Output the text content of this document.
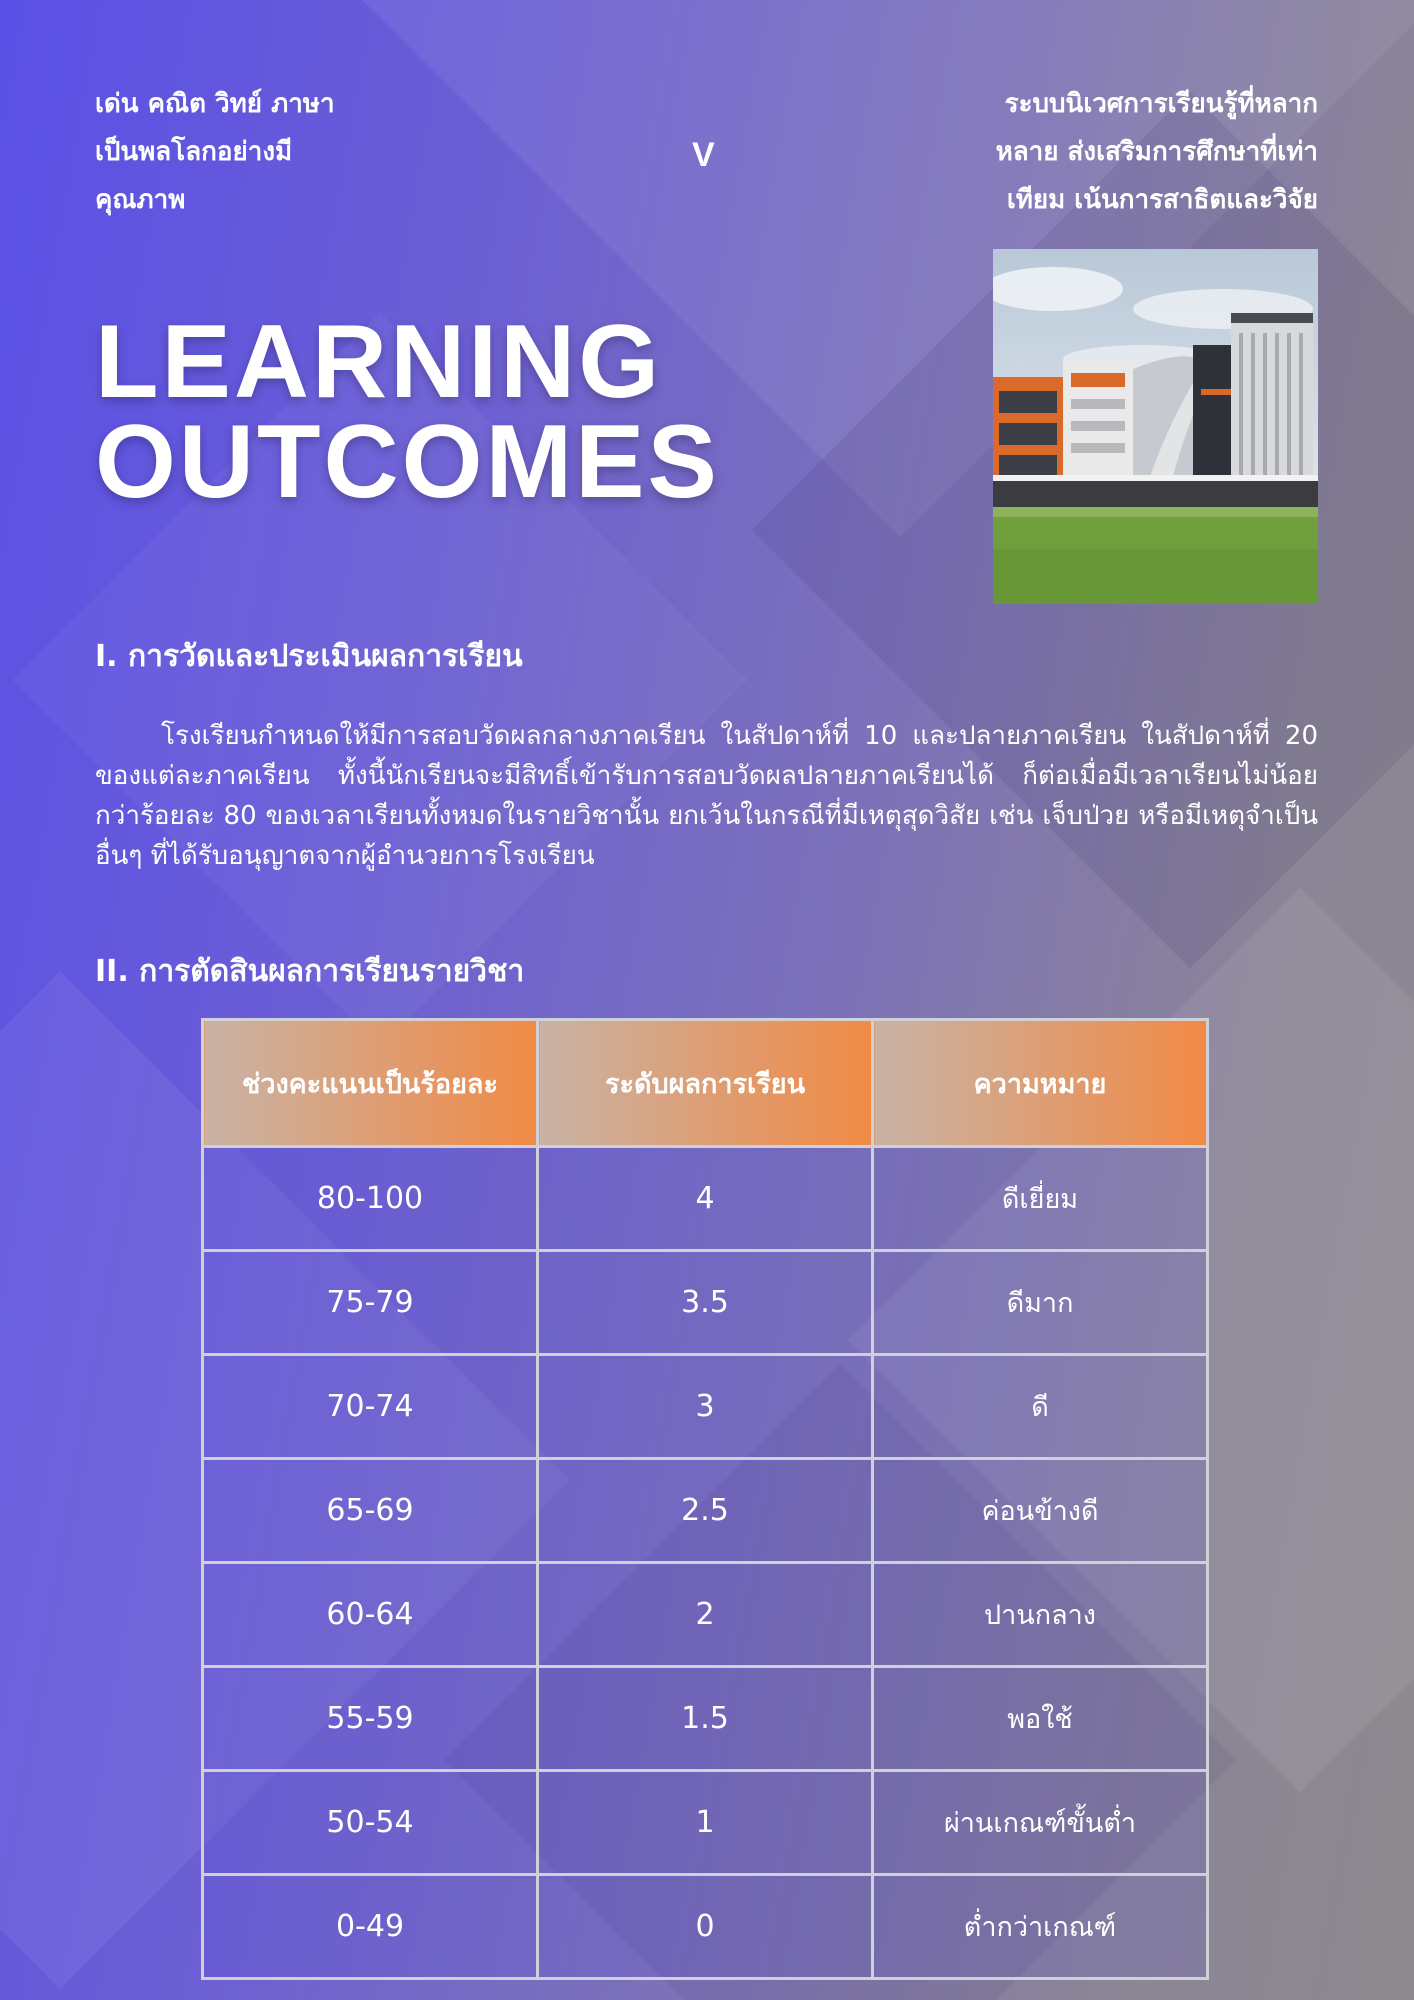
เด่น คณิต วิทย์ ภาษา
เป็นพลโลกอย่างมี
คุณภาพ
V
ระบบนิเวศการเรียนรู้ที่หลาก
หลาย ส่งเสริมการศึกษาที่เท่า
เทียม เน้นการสาธิตและวิจัย
LEARNING
OUTCOMES
I. การวัดและประเมินผลการเรียน

โรงเรียนกำหนดให้มีการสอบวัดผลกลางภาคเรียน ในสัปดาห์ที่ 10 และปลายภาคเรียน ในสัปดาห์ที่ 20 ของแต่ละภาคเรียน ทั้งนี้นักเรียนจะมีสิทธิ์เข้ารับการสอบวัดผลปลายภาคเรียนได้ ก็ต่อเมื่อมีเวลาเรียนไม่น้อยกว่าร้อยละ 80 ของเวลาเรียนทั้งหมดในรายวิชานั้น ยกเว้นในกรณีที่มีเหตุสุดวิสัย เช่น เจ็บป่วย หรือมีเหตุจำเป็นอื่นๆ ที่ได้รับอนุญาตจากผู้อำนวยการโรงเรียน

II. การตัดสินผลการเรียนรายวิชา
ช่วงคะแนนเป็นร้อยละ	ระดับผลการเรียน	ความหมาย
80-100	4	ดีเยี่ยม
75-79	3.5	ดีมาก
70-74	3	ดี
65-69	2.5	ค่อนข้างดี
60-64	2	ปานกลาง
55-59	1.5	พอใช้
50-54	1	ผ่านเกณฑ์ขั้นต่ำ
0-49	0	ต่ำกว่าเกณฑ์
